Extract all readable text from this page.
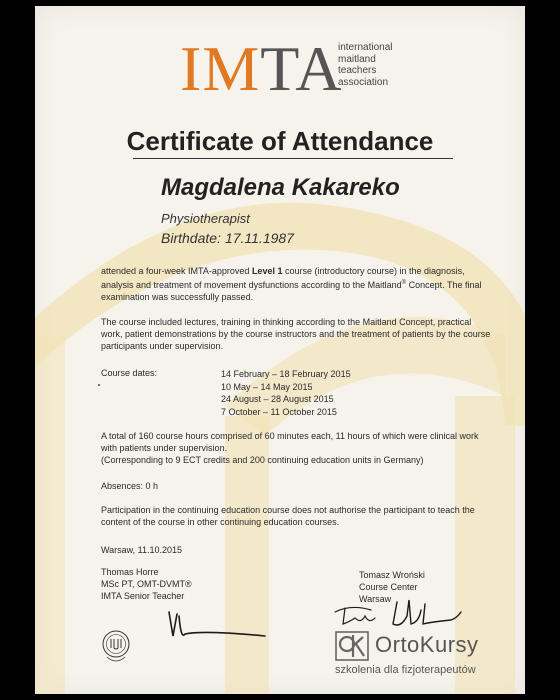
IMTA
international
maitland
teachers
association
Certificate of Attendance
Magdalena Kakareko
Physiotherapist
Birthdate: 17.11.1987

attended a four-week IMTA-approved Level 1 course (introductory course) in the diagnosis, analysis and treatment of movement dysfunctions according to the Maitland® Concept. The final examination was successfully passed.

The course included lectures, training in thinking according to the Maitland Concept, practical work, patient demonstrations by the course instructors and the treatment of patients by the course participants under supervision.
Course dates:	14 February – 18 February 2015
10 May – 14 May 2015
24 August – 28 August 2015
7 October – 11 October 2015

A total of 160 course hours comprised of 60 minutes each, 11 hours of which were clinical work with patients under supervision.

(Corresponding to 9 ECT credits and 200 continuing education units in Germany)

Absences: 0 h
Participation in the continuing education course does not authorise the participant to teach the content of the course in other continuing education courses.
Warsaw, 11.10.2015
Thomas Horre
MSc PT, OMT-DVMT®
IMTA Senior Teacher
Tomasz Wroński
Course Center
Warsaw
OrtoKursy
szkolenia dla fizjoterapeutów
